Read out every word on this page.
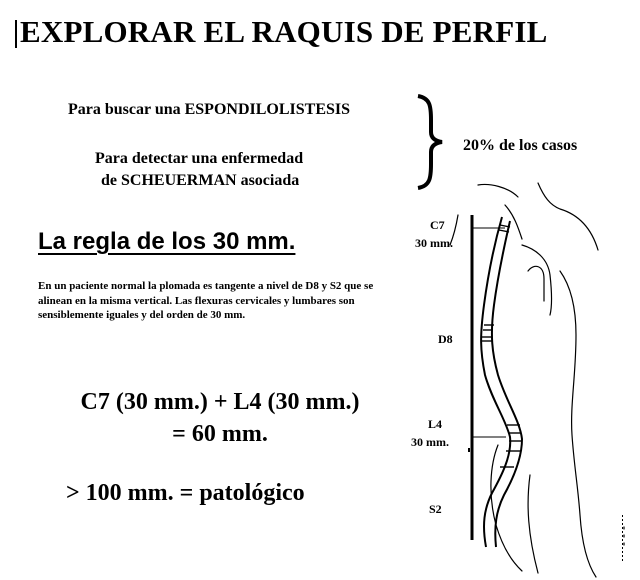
EXPLORAR EL RAQUIS DE PERFIL
Para buscar una ESPONDILOLISTESIS
Para detectar una enfermedad
de SCHEUERMAN asociada
20% de los casos
La regla de los 30 mm.
En un paciente normal la plomada es tangente a nivel de D8 y S2 que se alinean en la misma vertical. Las flexuras cervicales y lumbares son sensiblemente iguales y del orden de 30 mm.
C7 (30 mm.) + L4 (30 mm.)
= 60 mm.
> 100 mm. = patológico
C7
30 mm.
D8
L4
30 mm.
S2
